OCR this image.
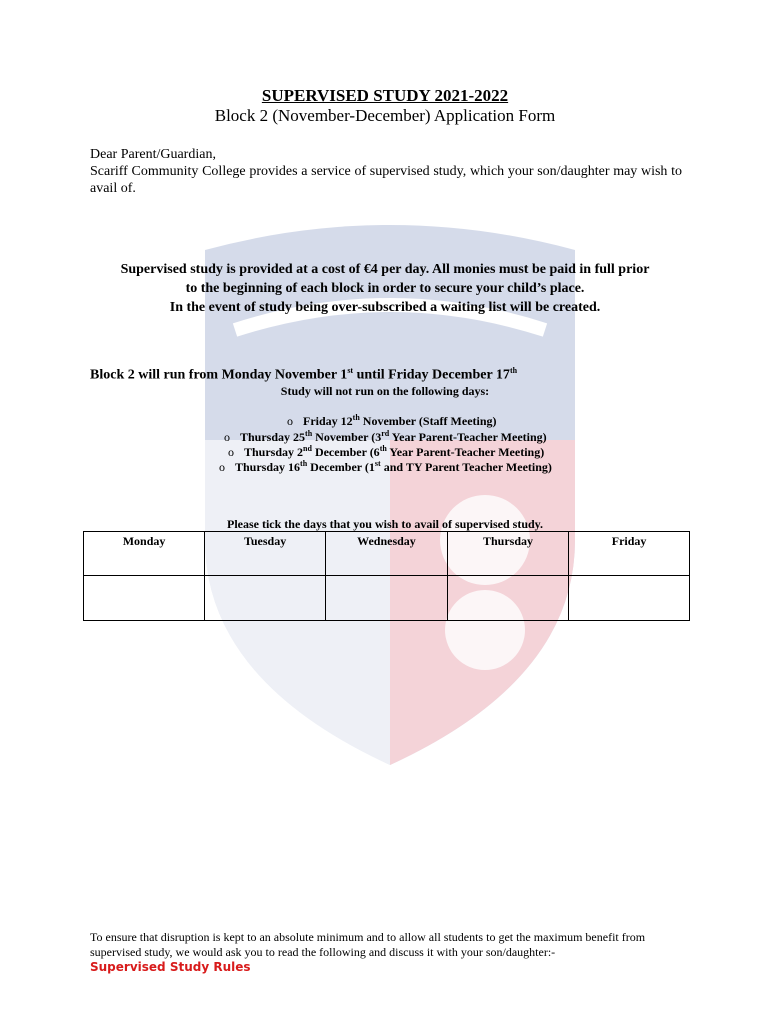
SUPERVISED STUDY 2021-2022
Block 2 (November-December) Application Form
Dear Parent/Guardian,
Scariff Community College provides a service of supervised study, which your son/daughter may wish to avail of.
Supervised study is provided at a cost of €4 per day. All monies must be paid in full prior
to the beginning of each block in order to secure your child’s place.
In the event of study being over-subscribed a waiting list will be created.
Block 2 will run from Monday November 1st until Friday December 17th
Study will not run on the following days:
o Friday 12th November (Staff Meeting)
o Thursday 25th November (3rd Year Parent-Teacher Meeting)
o Thursday 2nd December (6th Year Parent-Teacher Meeting)
o Thursday 16th December (1st and TY Parent Teacher Meeting)
Please tick the days that you wish to avail of supervised study.
Monday	Tuesday	Wednesday	Thursday	Friday

To ensure that disruption is kept to an absolute minimum and to allow all students to get the maximum benefit from supervised study, we would ask you to read the following and discuss it with your son/daughter:-
Supervised Study Rules
